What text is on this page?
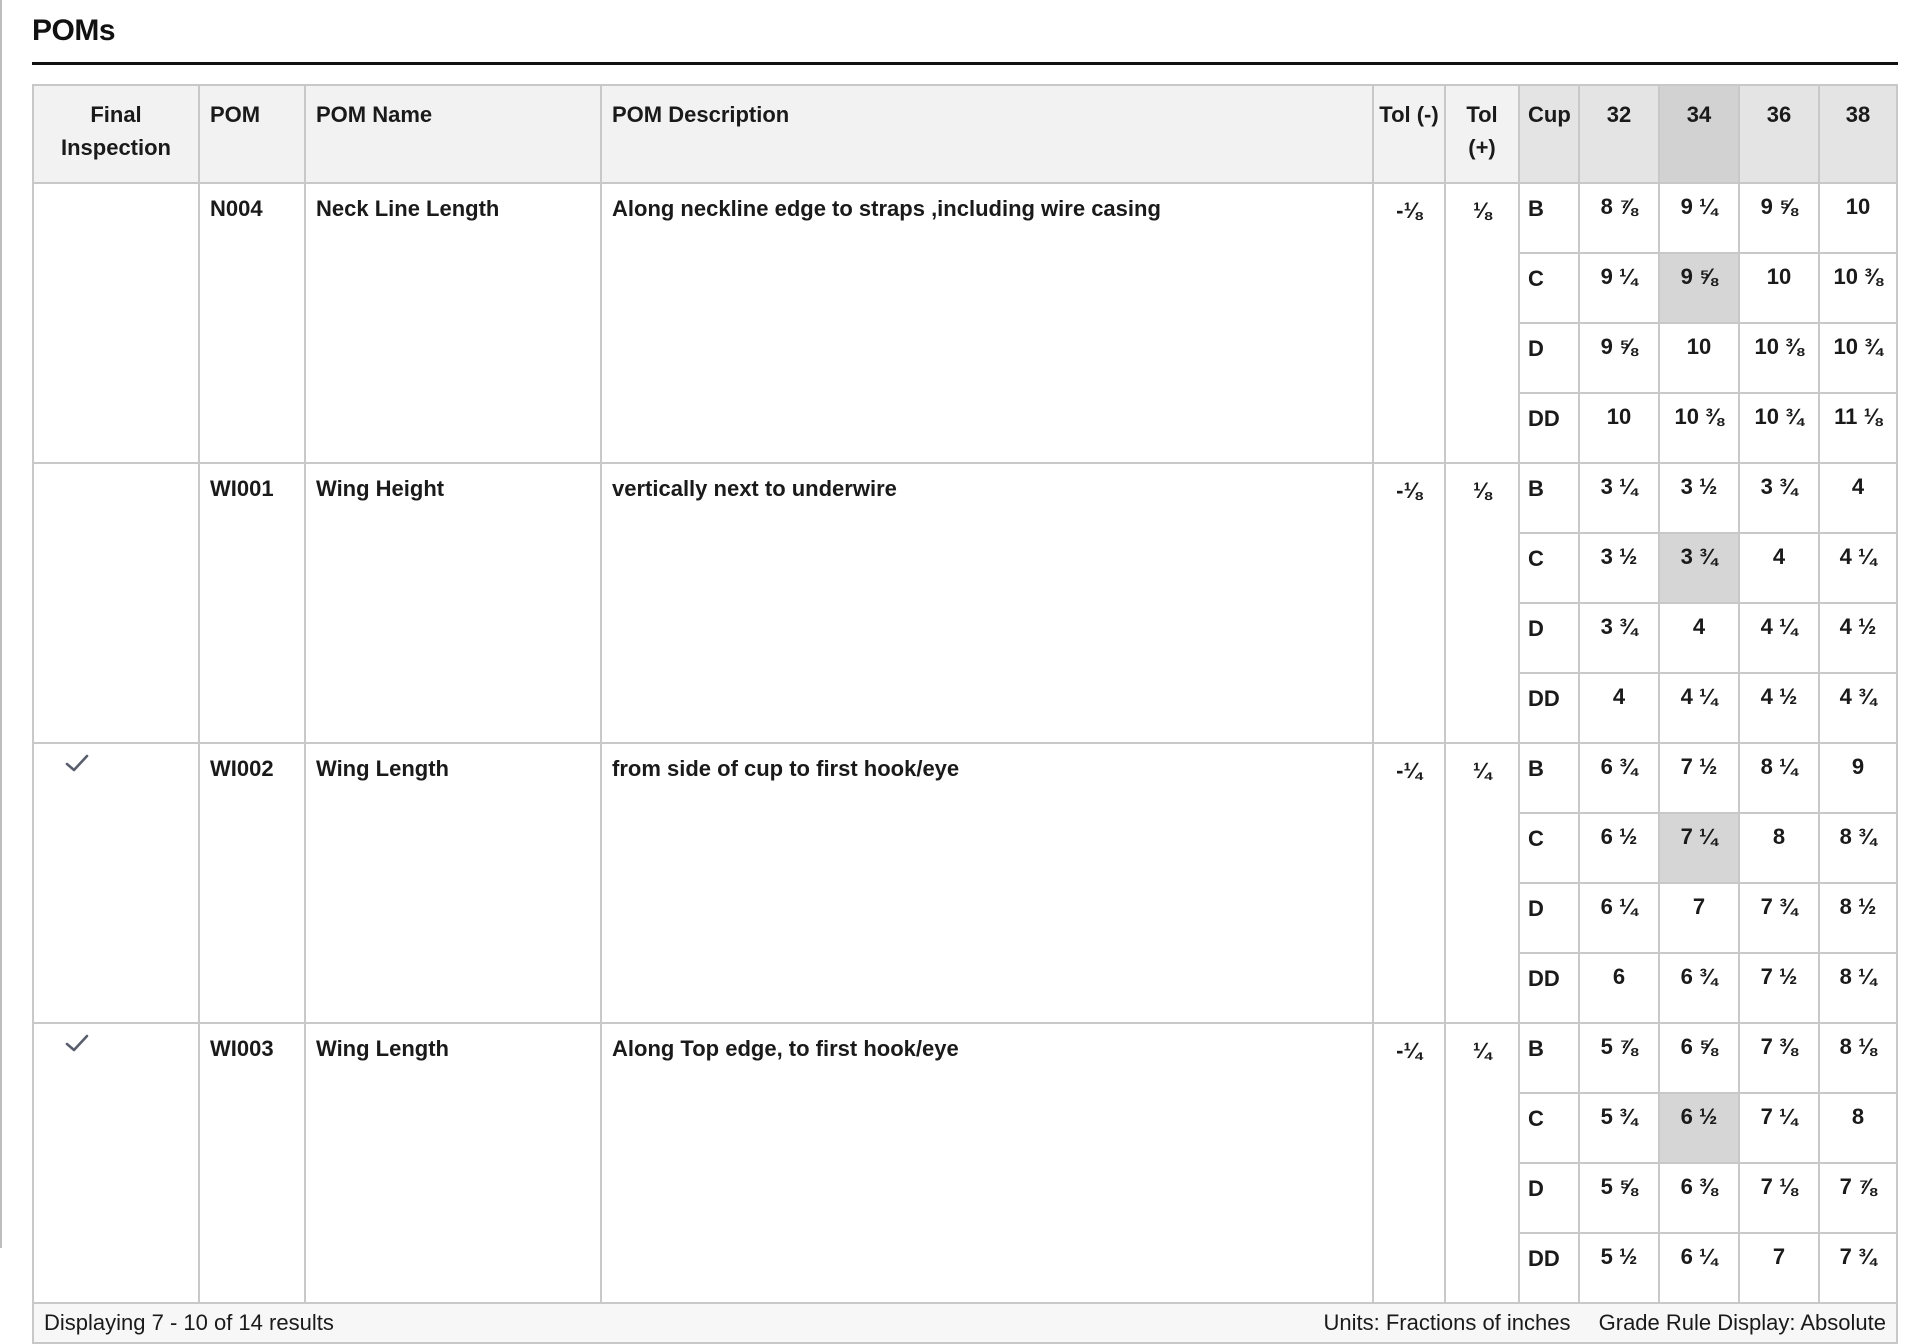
POMs
Final Inspection	POM	POM Name	POM Description	Tol (-)	Tol (+)	Cup	32	34	36	38
	N004	Neck Line Length	Along neckline edge to straps ,including wire casing	-⅛	⅛	B	8 ⅞	9 ¼	9 ⅝	10
						C	9 ¼	9 ⅝	10	10 ⅜
						D	9 ⅝	10	10 ⅜	10 ¾
						DD	10	10 ⅜	10 ¾	11 ⅛
	WI001	Wing Height	vertically next to underwire	-⅛	⅛	B	3 ¼	3 ½	3 ¾	4
						C	3 ½	3 ¾	4	4 ¼
						D	3 ¾	4	4 ¼	4 ½
						DD	4	4 ¼	4 ½	4 ¾
	WI002	Wing Length	from side of cup to first hook/eye	-¼	¼	B	6 ¾	7 ½	8 ¼	9
						C	6 ½	7 ¼	8	8 ¾
						D	6 ¼	7	7 ¾	8 ½
						DD	6	6 ¾	7 ½	8 ¼
	WI003	Wing Length	Along Top edge, to first hook/eye	-¼	¼	B	5 ⅞	6 ⅝	7 ⅜	8 ⅛
						C	5 ¾	6 ½	7 ¼	8
						D	5 ⅝	6 ⅜	7 ⅛	7 ⅞
						DD	5 ½	6 ¼	7	7 ¾

Displaying 7 - 10 of 14 results Units: Fractions of inches Grade Rule Display: Absolute										
